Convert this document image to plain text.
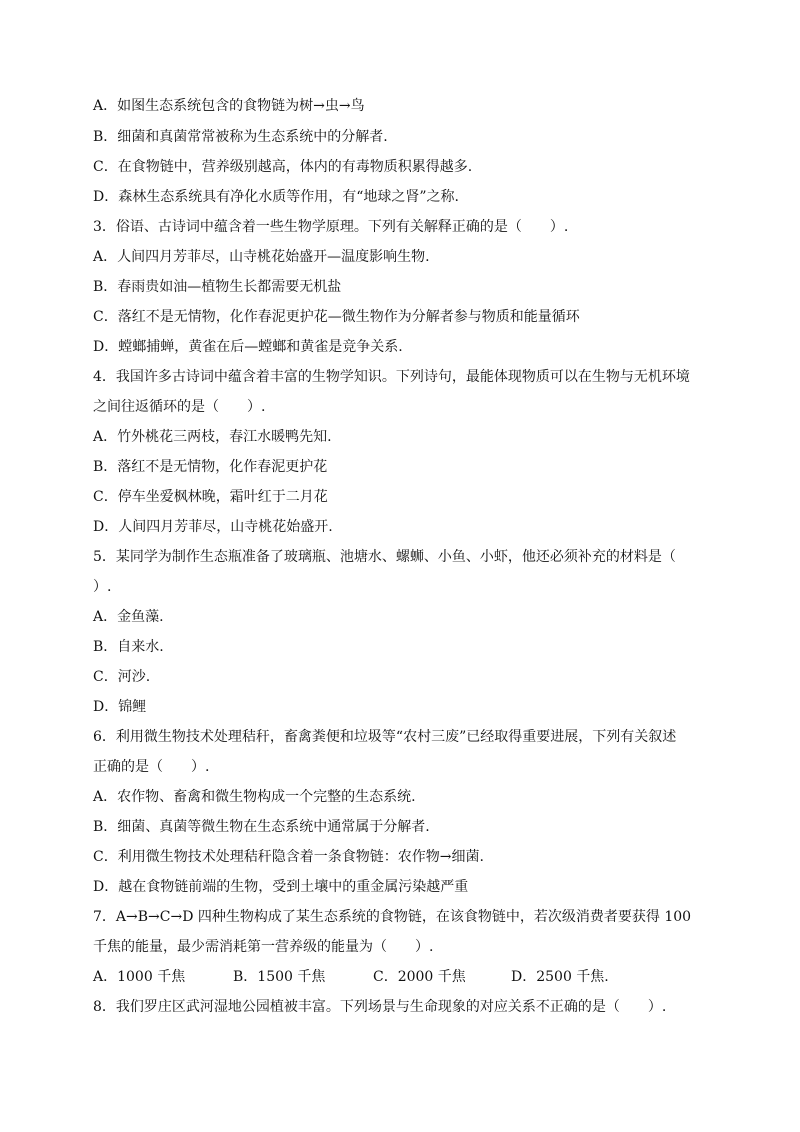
A．如图生态系统包含的食物链为树→虫→鸟
B．细菌和真菌常常被称为生态系统中的分解者.
C．在食物链中，营养级别越高，体内的有毒物质积累得越多.
D．森林生态系统具有净化水质等作用，有“地球之肾”之称.
3．俗语、古诗词中蕴含着一些生物学原理。下列有关解释正确的是（　　）.
A．人间四月芳菲尽，山寺桃花始盛开—温度影响生物.
B．春雨贵如油—植物生长都需要无机盐
C．落红不是无情物，化作春泥更护花—微生物作为分解者参与物质和能量循环
D．螳螂捕蝉，黄雀在后—螳螂和黄雀是竞争关系.
4．我国许多古诗词中蕴含着丰富的生物学知识。下列诗句，最能体现物质可以在生物与无机环境
之间往返循环的是（　　）.
A．竹外桃花三两枝，春江水暖鸭先知.
B．落红不是无情物，化作春泥更护花
C．停车坐爱枫林晚，霜叶红于二月花
D．人间四月芳菲尽，山寺桃花始盛开.
5．某同学为制作生态瓶准备了玻璃瓶、池塘水、螺蛳、小鱼、小虾，他还必须补充的材料是（
）.
A．金鱼藻.
B．自来水.
C．河沙.
D．锦鲤
6．利用微生物技术处理秸秆，畜禽粪便和垃圾等“农村三废”已经取得重要进展，下列有关叙述
正确的是（　　）.
A．农作物、畜禽和微生物构成一个完整的生态系统.
B．细菌、真菌等微生物在生态系统中通常属于分解者.
C．利用微生物技术处理秸秆隐含着一条食物链：农作物→细菌.
D．越在食物链前端的生物，受到土壤中的重金属污染越严重
7．A→B→C→D 四种生物构成了某生态系统的食物链，在该食物链中，若次级消费者要获得 100
千焦的能量，最少需消耗第一营养级的能量为（　　）.
A．1000 千焦	B．1500 千焦	C．2000 千焦	D．2500 千焦.
8．我们罗庄区武河湿地公园植被丰富。下列场景与生命现象的对应关系不正确的是（　　）.
